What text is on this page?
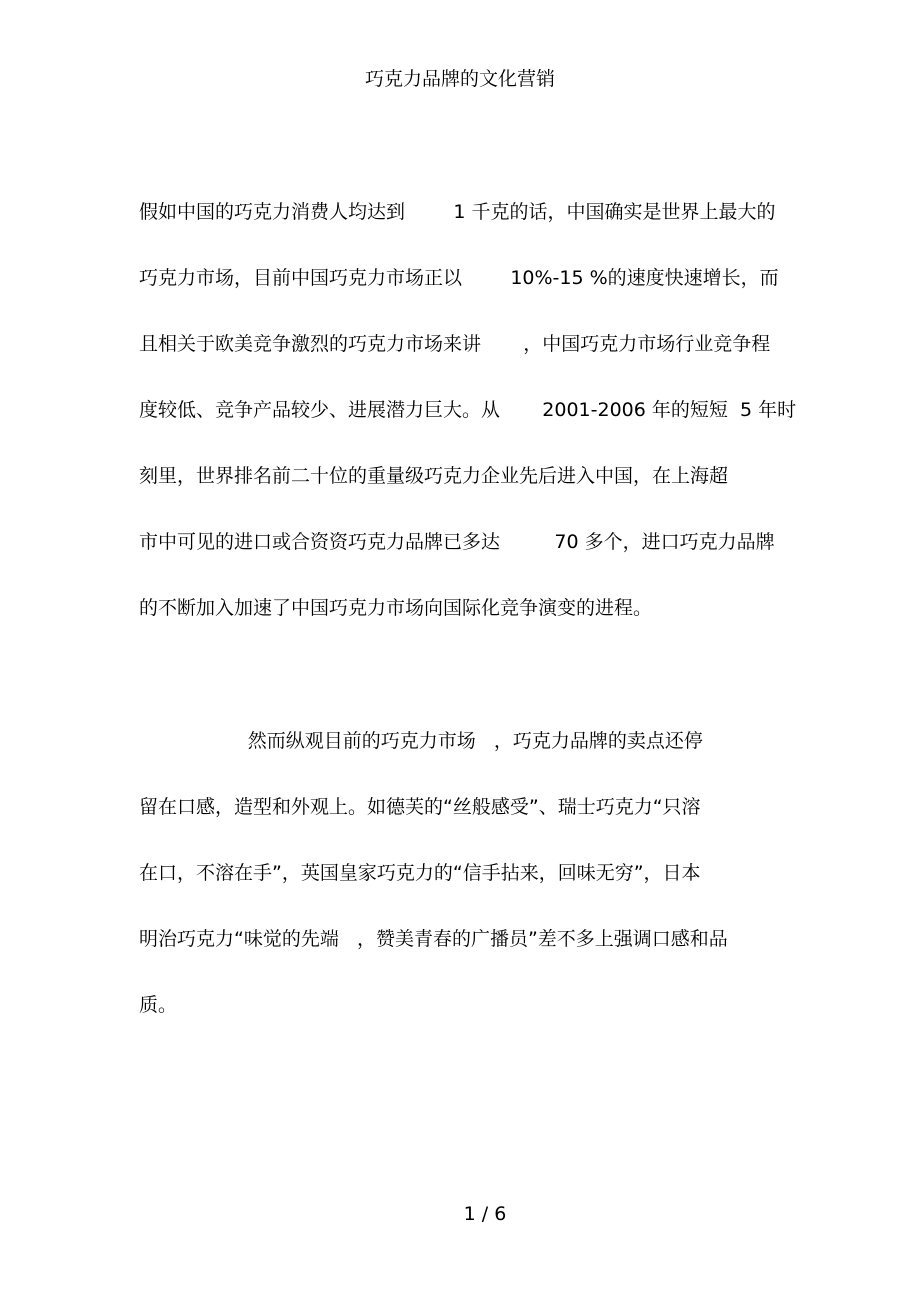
巧克力品牌的文化营销
假如中国的巧克力消费人均达到        1 千克的话，中国确实是世界上最大的
巧克力市场，目前中国巧克力市场正以        10%-15 %的速度快速增长，而
且相关于欧美竞争激烈的巧克力市场来讲       ，中国巧克力市场行业竞争程
度较低、竞争产品较少、进展潜力巨大。从       2001-2006 年的短短  5 年时
刻里，世界排名前二十位的重量级巧克力企业先后进入中国，在上海超
市中可见的进口或合资资巧克力品牌已多达         70 多个，进口巧克力品牌
的不断加入加速了中国巧克力市场向国际化竞争演变的进程。
然而纵观目前的巧克力市场   ，巧克力品牌的卖点还停
留在口感，造型和外观上。如德芙的“丝般感受”、瑞士巧克力“只溶
在口，不溶在手”，英国皇家巧克力的“信手拈来，回味无穷”，日本
明治巧克力“味觉的先端   ，赞美青春的广播员”差不多上强调口感和品
质。
1 / 6
